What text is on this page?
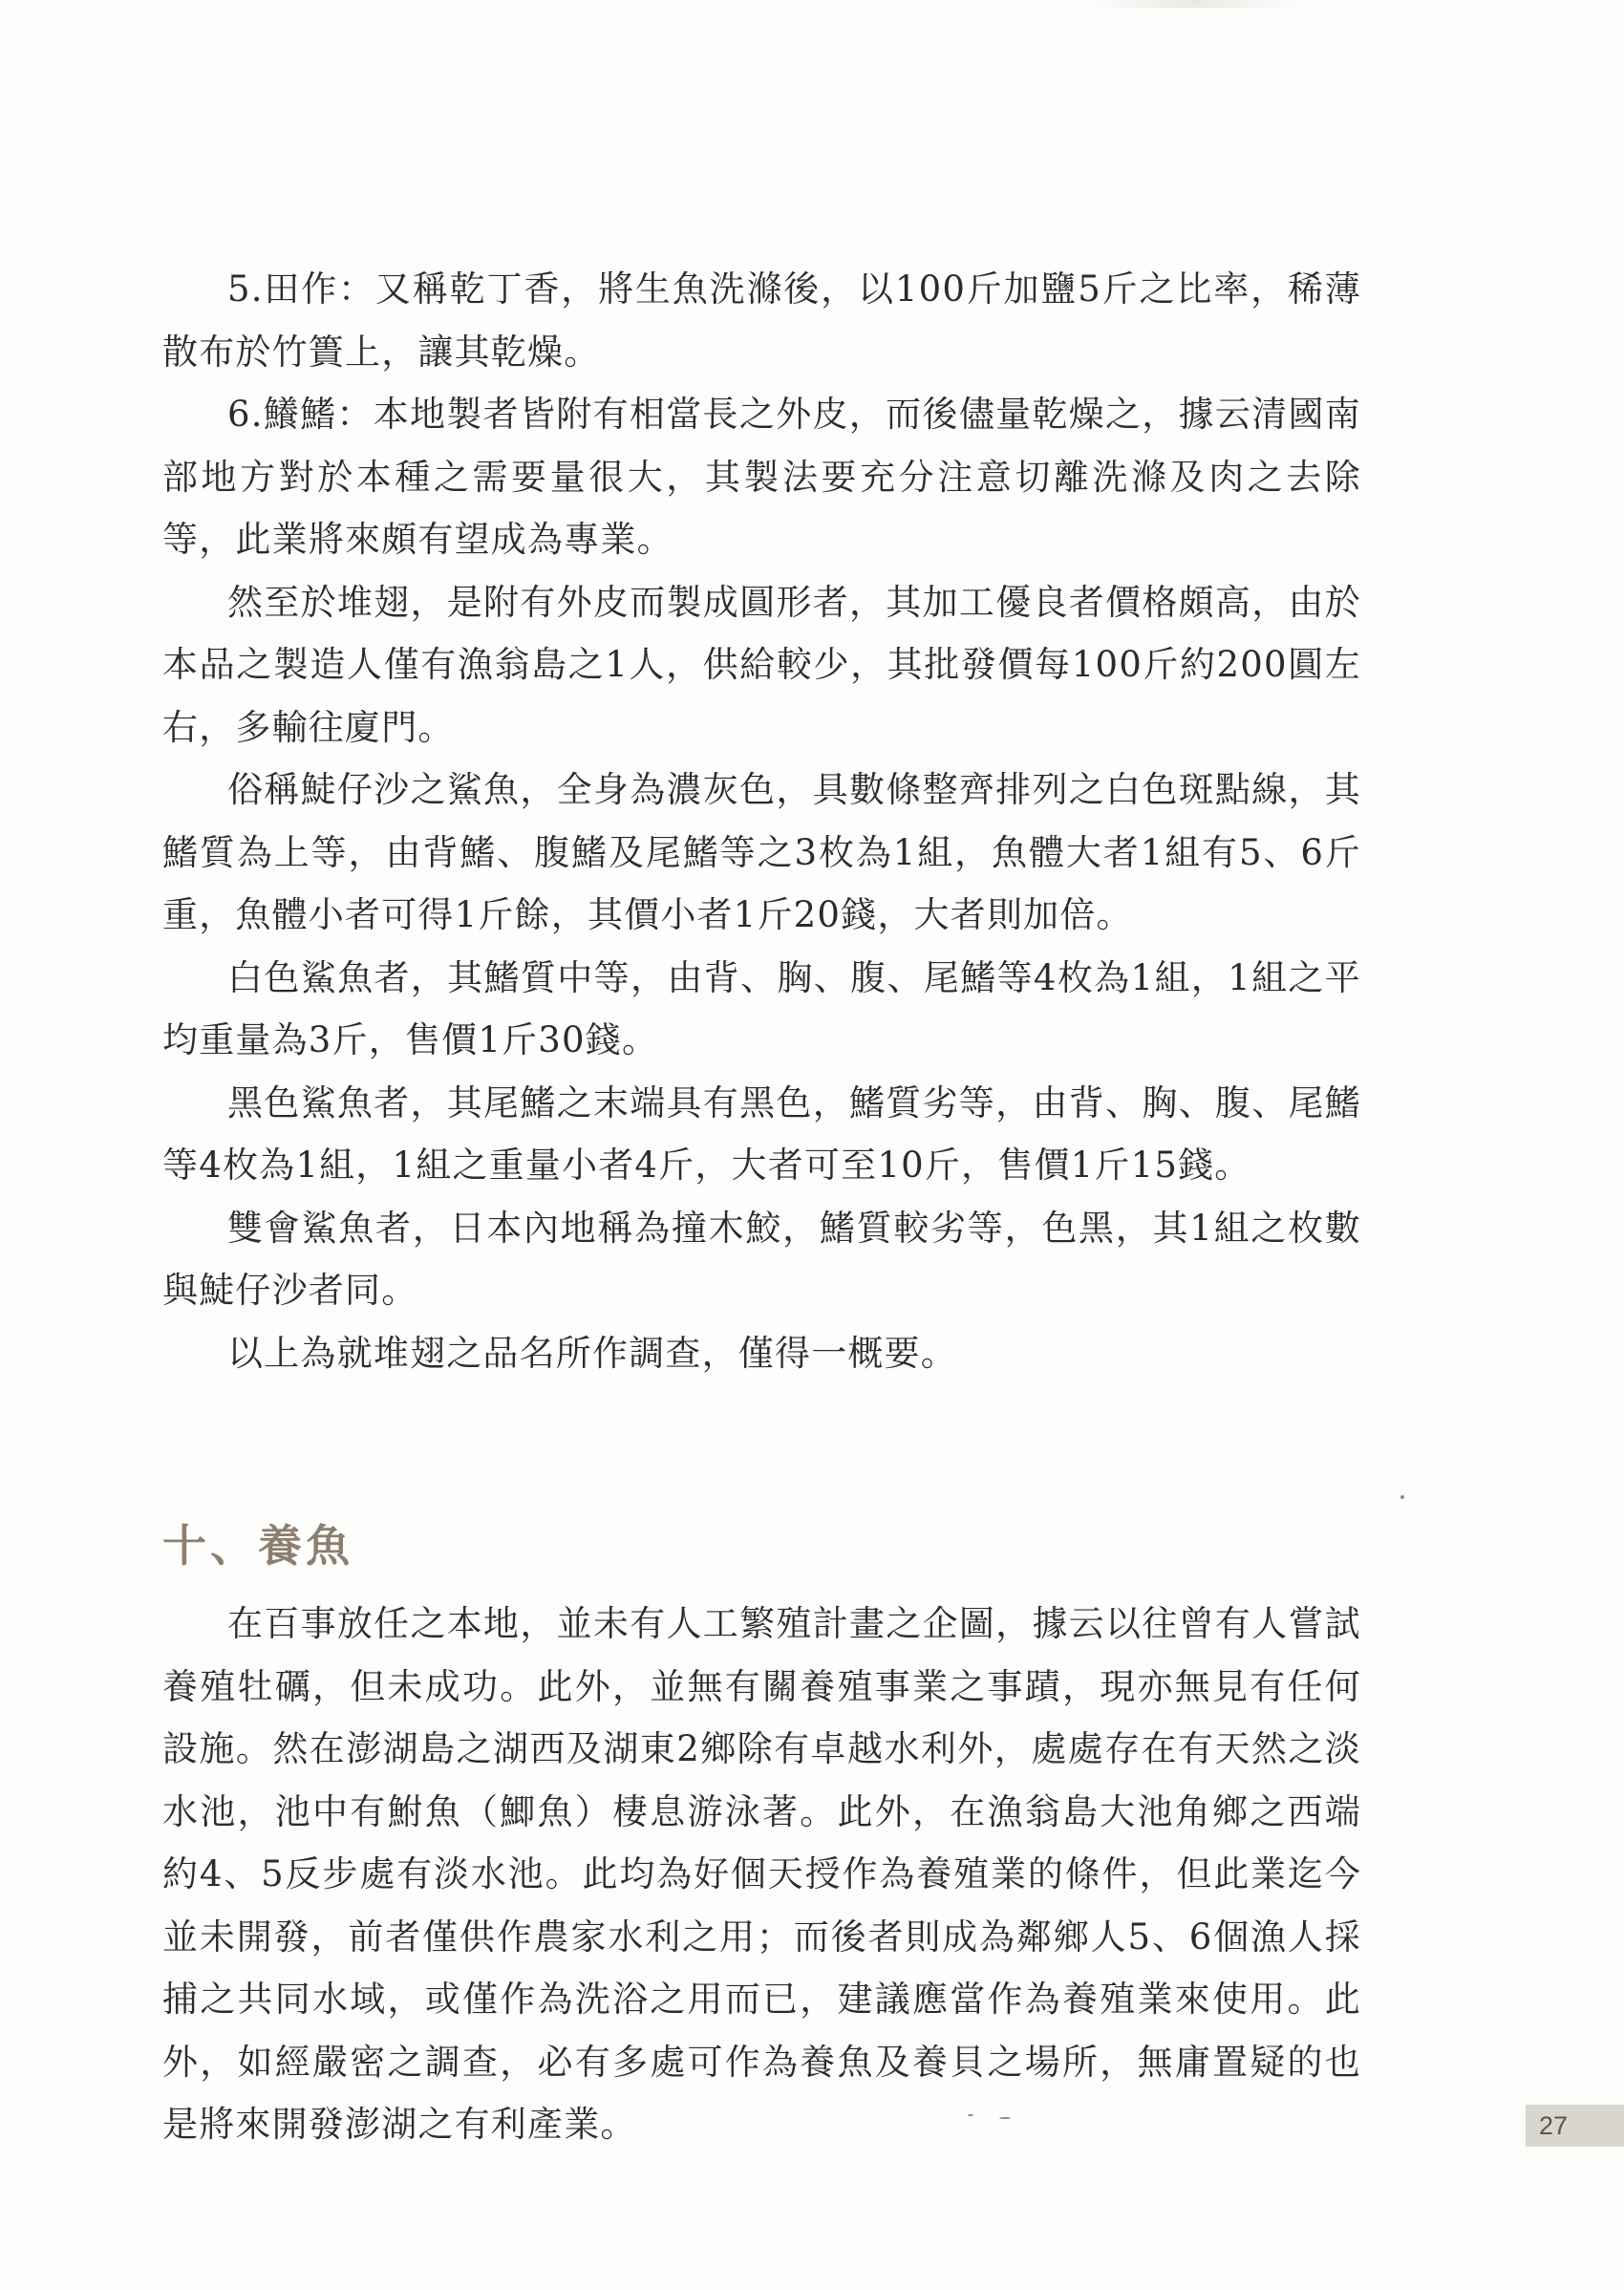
5.田作：又稱乾丁香，將生魚洗滌後，以100斤加鹽5斤之比率，稀薄散布於竹簣上，讓其乾燥。

6.鱶鰭：本地製者皆附有相當長之外皮，而後儘量乾燥之，據云清國南部地方對於本種之需要量很大，其製法要充分注意切離洗滌及肉之去除等，此業將來頗有望成為專業。

然至於堆翅，是附有外皮而製成圓形者，其加工優良者價格頗高，由於本品之製造人僅有漁翁島之1人，供給較少，其批發價每100斤約200圓左右，多輸往廈門。

俗稱鯐仔沙之鯊魚，全身為濃灰色，具數條整齊排列之白色斑點線，其鰭質為上等，由背鰭、腹鰭及尾鰭等之3枚為1組，魚體大者1組有5、6斤重，魚體小者可得1斤餘，其價小者1斤20錢，大者則加倍。

白色鯊魚者，其鰭質中等，由背、胸、腹、尾鰭等4枚為1組，1組之平均重量為3斤，售價1斤30錢。

黑色鯊魚者，其尾鰭之末端具有黑色，鰭質劣等，由背、胸、腹、尾鰭等4枚為1組，1組之重量小者4斤，大者可至10斤，售價1斤15錢。

雙會鯊魚者，日本內地稱為撞木鮫，鰭質較劣等，色黑，其1組之枚數與鯐仔沙者同。

以上為就堆翅之品名所作調查，僅得一概要。

十、養魚

在百事放任之本地，並未有人工繁殖計畫之企圖，據云以往曾有人嘗試養殖牡礪，但未成功。此外，並無有關養殖事業之事蹟，現亦無見有任何設施。然在澎湖島之湖西及湖東2鄉除有卓越水利外，處處存在有天然之淡水池，池中有鮒魚（鯽魚）棲息游泳著。此外，在漁翁島大池角鄉之西端約4、5反步處有淡水池。此均為好個天授作為養殖業的條件，但此業迄今並未開發，前者僅供作農家水利之用；而後者則成為鄰鄉人5、6個漁人採捕之共同水域，或僅作為洗浴之用而已，建議應當作為養殖業來使用。此外，如經嚴密之調查，必有多處可作為養魚及養貝之場所，無庸置疑的也是將來開發澎湖之有利產業。	27
